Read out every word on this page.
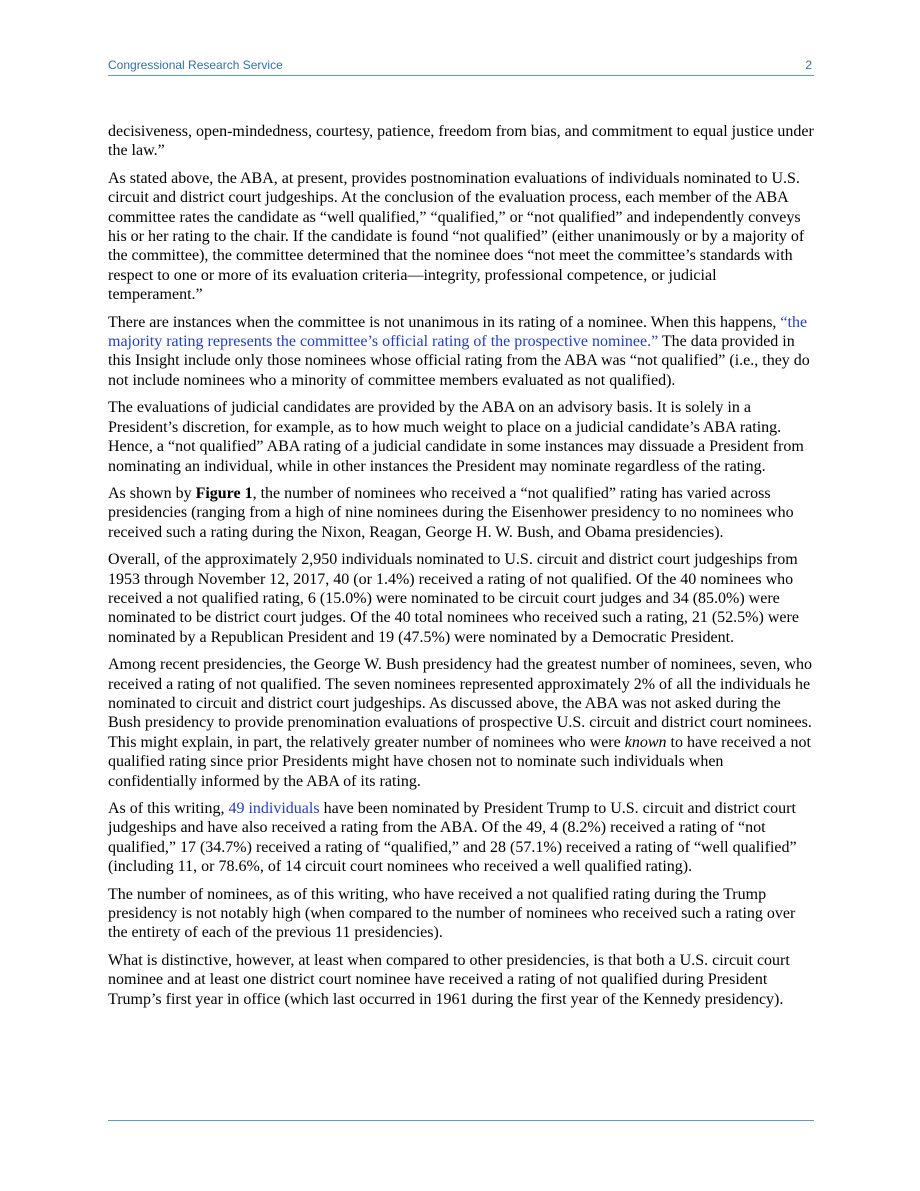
Congressional Research Service	2

decisiveness, open-mindedness, courtesy, patience, freedom from bias, and commitment to equal justice under the law.”

As stated above, the ABA, at present, provides postnomination evaluations of individuals nominated to U.S. circuit and district court judgeships. At the conclusion of the evaluation process, each member of the ABA committee rates the candidate as “well qualified,” “qualified,” or “not qualified” and independently conveys his or her rating to the chair. If the candidate is found “not qualified” (either unanimously or by a majority of the committee), the committee determined that the nominee does “not meet the committee’s standards with respect to one or more of its evaluation criteria—integrity, professional competence, or judicial temperament.”

There are instances when the committee is not unanimous in its rating of a nominee. When this happens, “the majority rating represents the committee’s official rating of the prospective nominee.” The data provided in this Insight include only those nominees whose official rating from the ABA was “not qualified” (i.e., they do not include nominees who a minority of committee members evaluated as not qualified).

The evaluations of judicial candidates are provided by the ABA on an advisory basis. It is solely in a President’s discretion, for example, as to how much weight to place on a judicial candidate’s ABA rating. Hence, a “not qualified” ABA rating of a judicial candidate in some instances may dissuade a President from nominating an individual, while in other instances the President may nominate regardless of the rating.

As shown by Figure 1, the number of nominees who received a “not qualified” rating has varied across presidencies (ranging from a high of nine nominees during the Eisenhower presidency to no nominees who received such a rating during the Nixon, Reagan, George H. W. Bush, and Obama presidencies).

Overall, of the approximately 2,950 individuals nominated to U.S. circuit and district court judgeships from 1953 through November 12, 2017, 40 (or 1.4%) received a rating of not qualified. Of the 40 nominees who received a not qualified rating, 6 (15.0%) were nominated to be circuit court judges and 34 (85.0%) were nominated to be district court judges. Of the 40 total nominees who received such a rating, 21 (52.5%) were nominated by a Republican President and 19 (47.5%) were nominated by a Democratic President.

Among recent presidencies, the George W. Bush presidency had the greatest number of nominees, seven, who received a rating of not qualified. The seven nominees represented approximately 2% of all the individuals he nominated to circuit and district court judgeships. As discussed above, the ABA was not asked during the Bush presidency to provide prenomination evaluations of prospective U.S. circuit and district court nominees. This might explain, in part, the relatively greater number of nominees who were known to have received a not qualified rating since prior Presidents might have chosen not to nominate such individuals when confidentially informed by the ABA of its rating.

As of this writing, 49 individuals have been nominated by President Trump to U.S. circuit and district court judgeships and have also received a rating from the ABA. Of the 49, 4 (8.2%) received a rating of “not qualified,” 17 (34.7%) received a rating of “qualified,” and 28 (57.1%) received a rating of “well qualified” (including 11, or 78.6%, of 14 circuit court nominees who received a well qualified rating).

The number of nominees, as of this writing, who have received a not qualified rating during the Trump presidency is not notably high (when compared to the number of nominees who received such a rating over the entirety of each of the previous 11 presidencies).

What is distinctive, however, at least when compared to other presidencies, is that both a U.S. circuit court nominee and at least one district court nominee have received a rating of not qualified during President Trump’s first year in office (which last occurred in 1961 during the first year of the Kennedy presidency).
